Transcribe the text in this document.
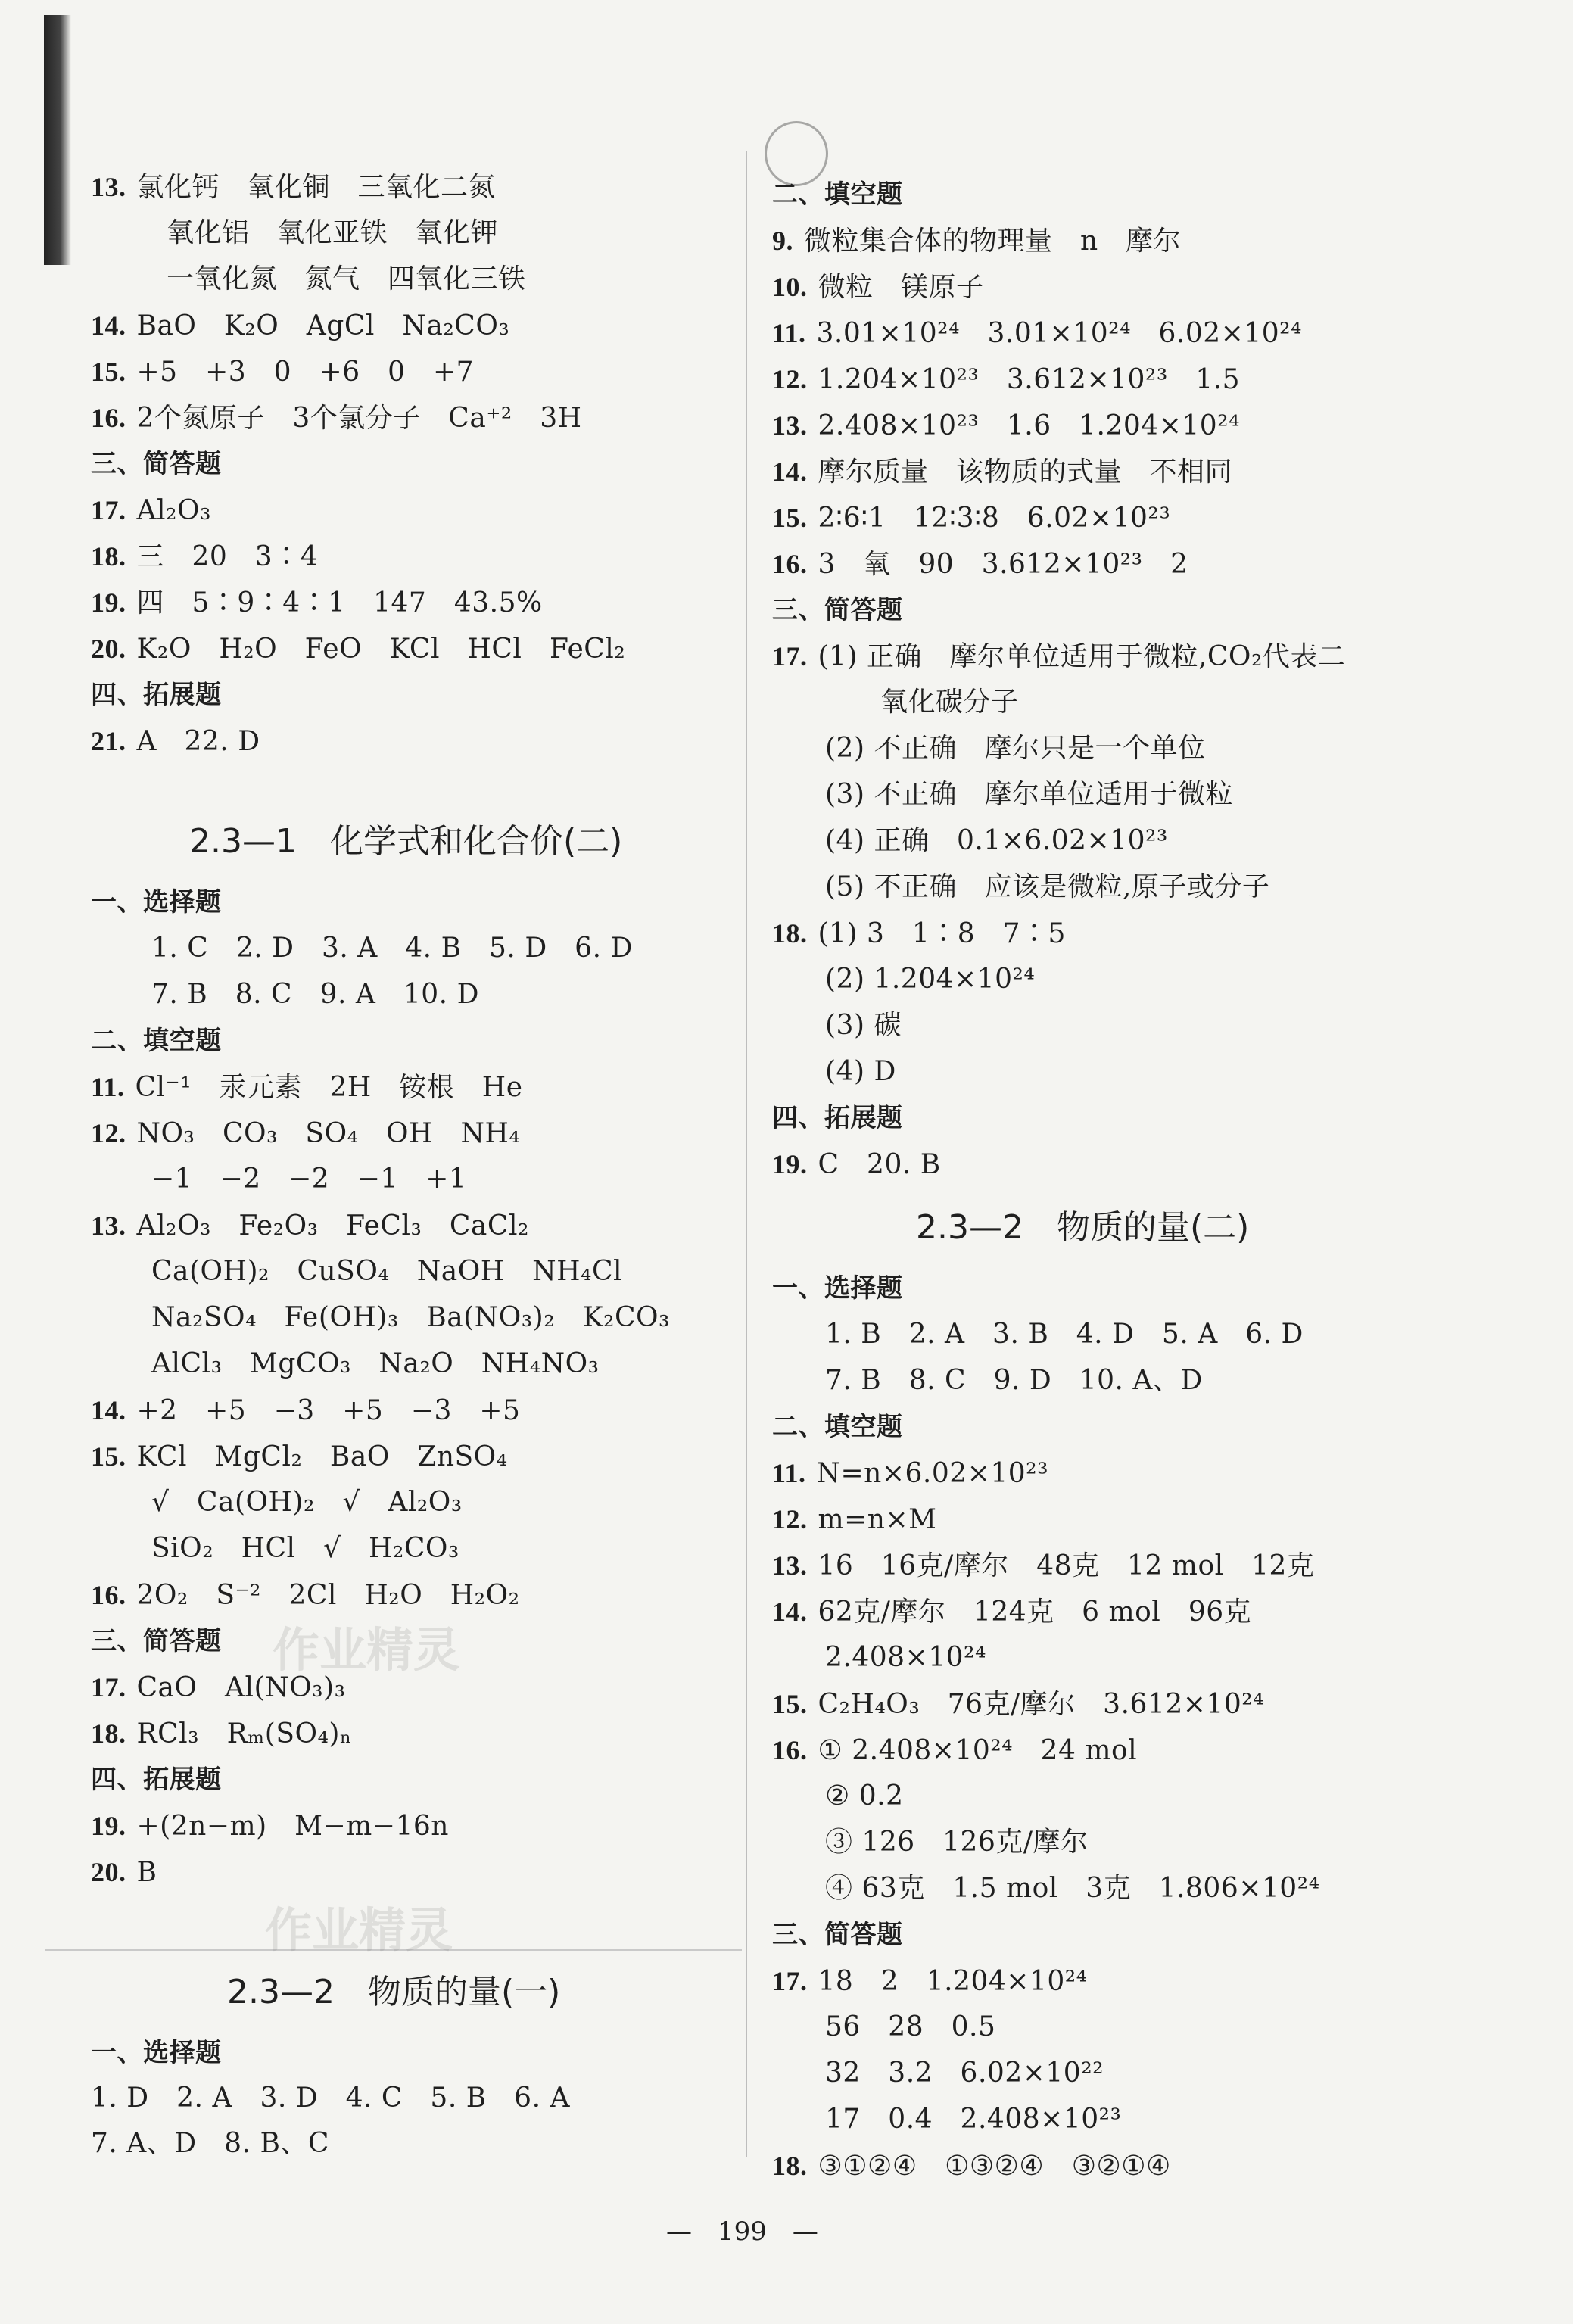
13. 氯化钙　氧化铜　三氧化二氮
氧化铝　氧化亚铁　氧化钾
一氧化氮　氮气　四氧化三铁
14. BaO　K₂O　AgCl　Na₂CO₃
15. +5　+3　0　+6　0　+7
16. 2个氮原子　3个氯分子　Ca⁺²　3H
三、简答题
17. Al₂O₃
18. 三　20　3∶4
19. 四　5∶9∶4∶1　147　43.5%
20. K₂O　H₂O　FeO　KCl　HCl　FeCl₂
四、拓展题
21. A　22. D
2.3—1　化学式和化合价(二)
一、选择题
1. C　2. D　3. A　4. B　5. D　6. D
7. B　8. C　9. A　10. D
二、填空题
11. Cl⁻¹　汞元素　2H　铵根　He
12. NO₃　CO₃　SO₄　OH　NH₄
−1　−2　−2　−1　+1
13. Al₂O₃　Fe₂O₃　FeCl₃　CaCl₂
Ca(OH)₂　CuSO₄　NaOH　NH₄Cl
Na₂SO₄　Fe(OH)₃　Ba(NO₃)₂　K₂CO₃
AlCl₃　MgCO₃　Na₂O　NH₄NO₃
14. +2　+5　−3　+5　−3　+5
15. KCl　MgCl₂　BaO　ZnSO₄
√　Ca(OH)₂　√　Al₂O₃
SiO₂　HCl　√　H₂CO₃
16. 2O₂　S⁻²　2Cl　H₂O　H₂O₂
三、简答题
17. CaO　Al(NO₃)₃
18. RCl₃　Rₘ(SO₄)ₙ
四、拓展题
19. +(2n−m)　M−m−16n
20. B
2.3—2　物质的量(一)
一、选择题
1. D　2. A　3. D　4. C　5. B　6. A
7. A、D　8. B、C
二、填空题
9. 微粒集合体的物理量　n　摩尔
10. 微粒　镁原子
11. 3.01×10²⁴　3.01×10²⁴　6.02×10²⁴
12. 1.204×10²³　3.612×10²³　1.5
13. 2.408×10²³　1.6　1.204×10²⁴
14. 摩尔质量　该物质的式量　不相同
15. 2∶6∶1　12∶3∶8　6.02×10²³
16. 3　氧　90　3.612×10²³　2
三、简答题
17. (1) 正确　摩尔单位适用于微粒,CO₂代表二
　　氧化碳分子
(2) 不正确　摩尔只是一个单位
(3) 不正确　摩尔单位适用于微粒
(4) 正确　0.1×6.02×10²³
(5) 不正确　应该是微粒,原子或分子
18. (1) 3　1∶8　7∶5
(2) 1.204×10²⁴
(3) 碳
(4) D
四、拓展题
19. C　20. B
2.3—2　物质的量(二)
一、选择题
1. B　2. A　3. B　4. D　5. A　6. D
7. B　8. C　9. D　10. A、D
二、填空题
11. N=n×6.02×10²³
12. m=n×M
13. 16　16克/摩尔　48克　12 mol　12克
14. 62克/摩尔　124克　6 mol　96克
2.408×10²⁴
15. C₂H₄O₃　76克/摩尔　3.612×10²⁴
16. ① 2.408×10²⁴　24 mol
② 0.2
③ 126　126克/摩尔
④ 63克　1.5 mol　3克　1.806×10²⁴
三、简答题
17. 18　2　1.204×10²⁴
56　28　0.5
32　3.2　6.02×10²²
17　0.4　2.408×10²³
18. ③①②④　①③②④　③②①④
作业精灵
作业精灵
—　199　—
